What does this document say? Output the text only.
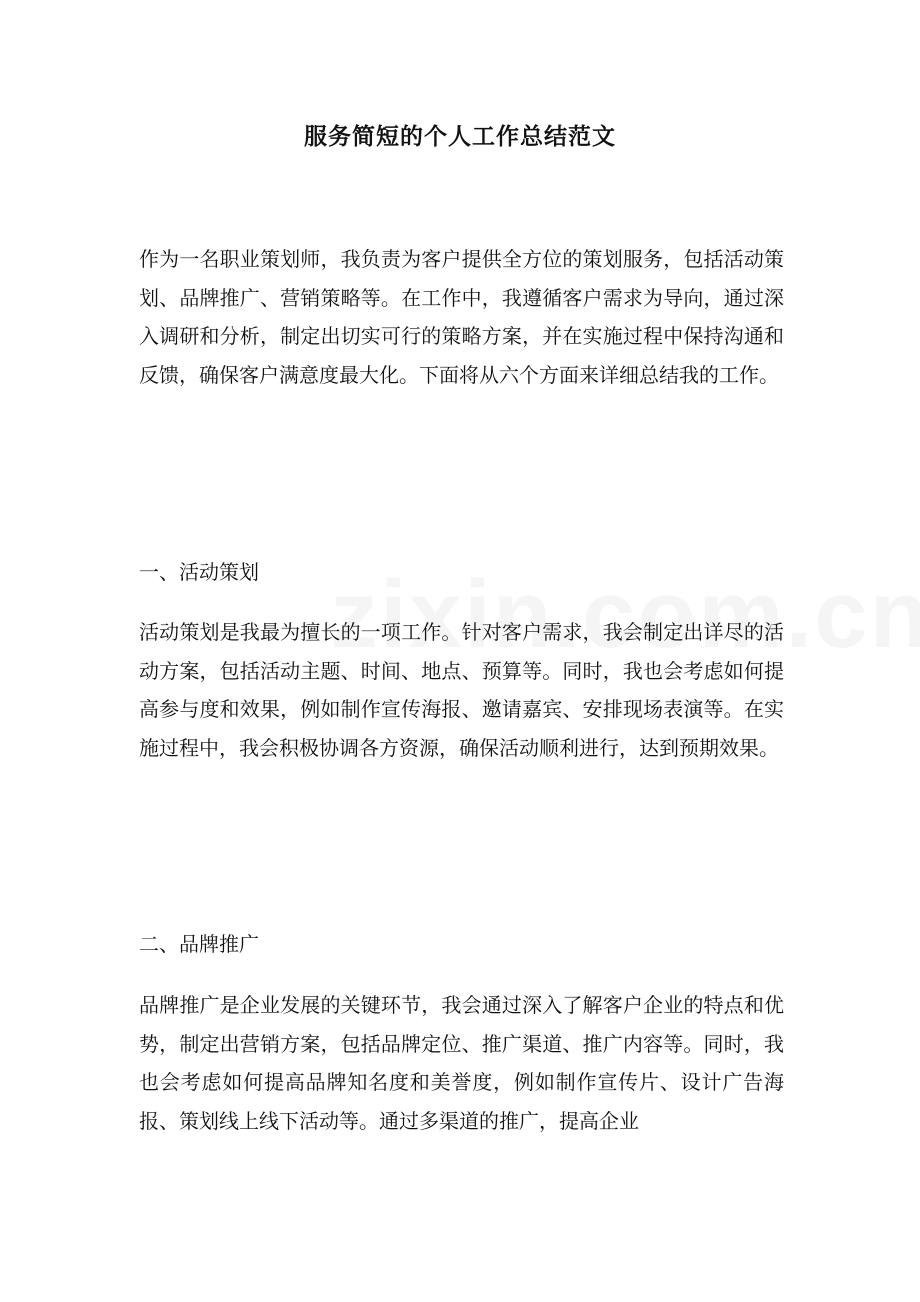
服务简短的个人工作总结范文
作为一名职业策划师，我负责为客户提供全方位的策划服务，包括活动策划、品牌推广、营销策略等。在工作中，我遵循客户需求为导向，通过深入调研和分析，制定出切实可行的策略方案，并在实施过程中保持沟通和反馈，确保客户满意度最大化。下面将从六个方面来详细总结我的工作。
一、活动策划
活动策划是我最为擅长的一项工作。针对客户需求，我会制定出详尽的活动方案，包括活动主题、时间、地点、预算等。同时，我也会考虑如何提高参与度和效果，例如制作宣传海报、邀请嘉宾、安排现场表演等。在实施过程中，我会积极协调各方资源，确保活动顺利进行，达到预期效果。
二、品牌推广
品牌推广是企业发展的关键环节，我会通过深入了解客户企业的特点和优势，制定出营销方案，包括品牌定位、推广渠道、推广内容等。同时，我也会考虑如何提高品牌知名度和美誉度，例如制作宣传片、设计广告海报、策划线上线下活动等。通过多渠道的推广，提高企业
